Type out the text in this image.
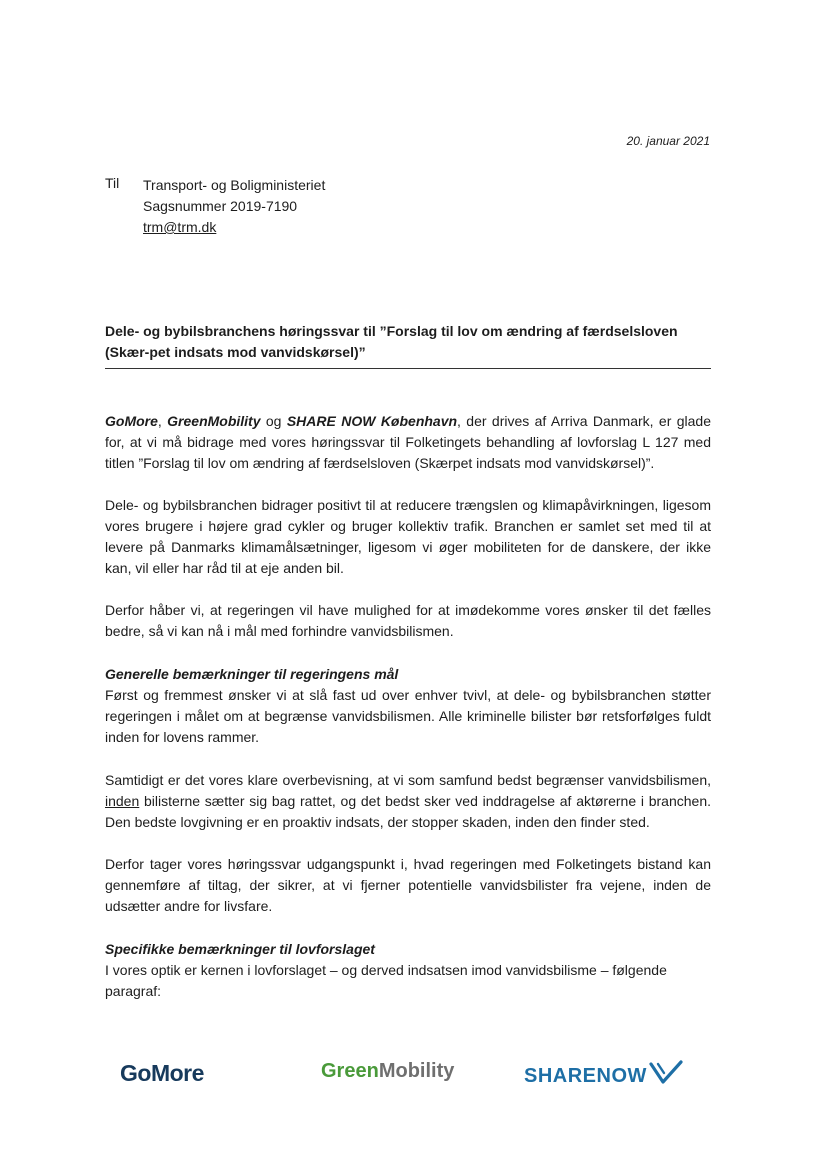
20. januar 2021
Til Transport- og Boligministeriet
Sagsnummer 2019-7190
trm@trm.dk
Dele- og bybilsbranchens høringssvar til ”Forslag til lov om ændring af færdselsloven (Skær-pet indsats mod vanvidskørsel)”
GoMore, GreenMobility og SHARE NOW København, der drives af Arriva Danmark, er glade for, at vi må bidrage med vores høringssvar til Folketingets behandling af lovforslag L 127 med titlen ”Forslag til lov om ændring af færdselsloven (Skærpet indsats mod vanvidskørsel)”.
Dele- og bybilsbranchen bidrager positivt til at reducere trængslen og klimapåvirkningen, ligesom vores brugere i højere grad cykler og bruger kollektiv trafik. Branchen er samlet set med til at levere på Danmarks klimamålsætninger, ligesom vi øger mobiliteten for de danskere, der ikke kan, vil eller har råd til at eje anden bil.
Derfor håber vi, at regeringen vil have mulighed for at imødekomme vores ønsker til det fælles bedre, så vi kan nå i mål med forhindre vanvidsbilismen.
Generelle bemærkninger til regeringens mål
Først og fremmest ønsker vi at slå fast ud over enhver tvivl, at dele- og bybilsbranchen støtter regeringen i målet om at begrænse vanvidsbilismen. Alle kriminelle bilister bør retsforfølges fuldt inden for lovens rammer.
Samtidigt er det vores klare overbevisning, at vi som samfund bedst begrænser vanvidsbilismen, inden bilisterne sætter sig bag rattet, og det bedst sker ved inddragelse af aktørerne i branchen. Den bedste lovgivning er en proaktiv indsats, der stopper skaden, inden den finder sted.
Derfor tager vores høringssvar udgangspunkt i, hvad regeringen med Folketingets bistand kan gennemføre af tiltag, der sikrer, at vi fjerner potentielle vanvidsbilister fra vejene, inden de udsætter andre for livsfare.
Specifikke bemærkninger til lovforslaget
I vores optik er kernen i lovforslaget – og derved indsatsen imod vanvidsbilisme – følgende paragraf:
GoMore	GreenMobility	SHARENOW
